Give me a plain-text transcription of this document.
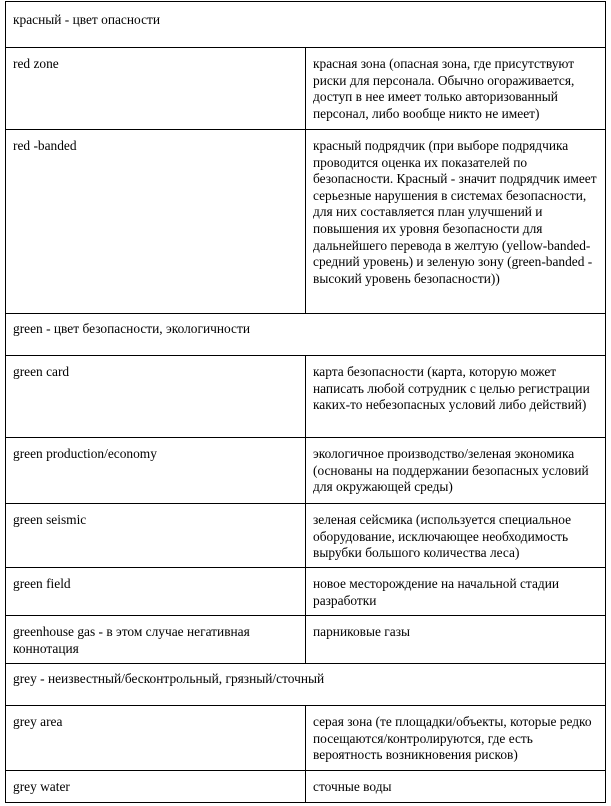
красный - цвет опасности	
red zone	красная зона (опасная зона, где присутствуют риски для персонала. Обычно огораживается, доступ в нее имеет только авторизованный персонал, либо вообще никто не имеет)
red -banded	красный подрядчик (при выборе подрядчика проводится оценка их показателей по безопасности. Красный - значит подрядчик имеет серьезные нарушения в системах безопасности, для них составляется план улучшений и повышения их уровня безопасности для дальнейшего перевода в желтую (yellow-banded- средний уровень) и зеленую зону (green-banded - высокий уровень безопасности))
green - цвет безопасности, экологичности	
green card	карта безопасности (карта, которую может написать любой сотрудник с целью регистрации каких-то небезопасных условий либо действий)
green production/economy	экологичное производство/зеленая экономика (основаны на поддержании безопасных условий для окружающей среды)
green seismic	зеленая сейсмика (используется специальное оборудование, исключающее необходимость вырубки большого количества леса)
green field	новое месторождение на начальной стадии разработки
greenhouse gas - в этом случае негативная коннотация	парниковые газы
grey - неизвестный/бесконтрольный, грязный/сточный	
grey area	серая зона (те площадки/объекты, которые редко посещаются/контролируются, где есть вероятность возникновения рисков)
grey water	сточные воды
